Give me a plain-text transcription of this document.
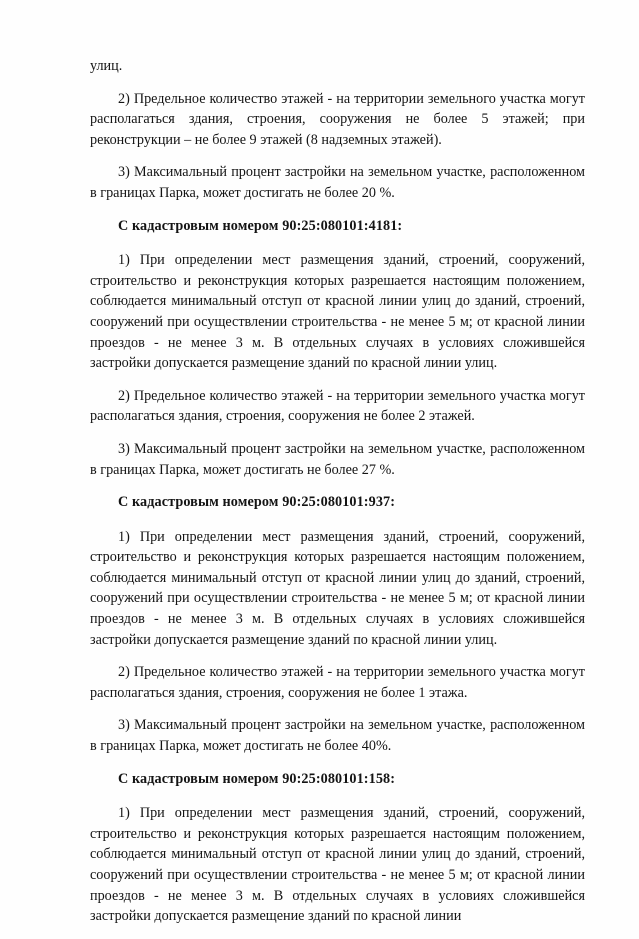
улиц.

2) Предельное количество этажей - на территории земельного участка могут располагаться здания, строения, сооружения не более 5 этажей; при реконструкции – не более 9 этажей (8 надземных этажей).

3) Максимальный процент застройки на земельном участке, расположенном в границах Парка, может достигать не более 20 %.

С кадастровым номером 90:25:080101:4181:

1) При определении мест размещения зданий, строений, сооружений, строительство и реконструкция которых разрешается настоящим положением, соблюдается минимальный отступ от красной линии улиц до зданий, строений, сооружений при осуществлении строительства - не менее 5 м; от красной линии проездов - не менее 3 м. В отдельных случаях в условиях сложившейся застройки допускается размещение зданий по красной линии улиц.

2) Предельное количество этажей - на территории земельного участка могут располагаться здания, строения, сооружения не более 2 этажей.

3) Максимальный процент застройки на земельном участке, расположенном в границах Парка, может достигать не более 27 %.

С кадастровым номером 90:25:080101:937:

1) При определении мест размещения зданий, строений, сооружений, строительство и реконструкция которых разрешается настоящим положением, соблюдается минимальный отступ от красной линии улиц до зданий, строений, сооружений при осуществлении строительства - не менее 5 м; от красной линии проездов - не менее 3 м. В отдельных случаях в условиях сложившейся застройки допускается размещение зданий по красной линии улиц.

2) Предельное количество этажей - на территории земельного участка могут располагаться здания, строения, сооружения не более 1 этажа.

3) Максимальный процент застройки на земельном участке, расположенном в границах Парка, может достигать не более 40%.

С кадастровым номером 90:25:080101:158:

1) При определении мест размещения зданий, строений, сооружений, строительство и реконструкция которых разрешается настоящим положением, соблюдается минимальный отступ от красной линии улиц до зданий, строений, сооружений при осуществлении строительства - не менее 5 м; от красной линии проездов - не менее 3 м. В отдельных случаях в условиях сложившейся застройки допускается размещение зданий по красной линии
